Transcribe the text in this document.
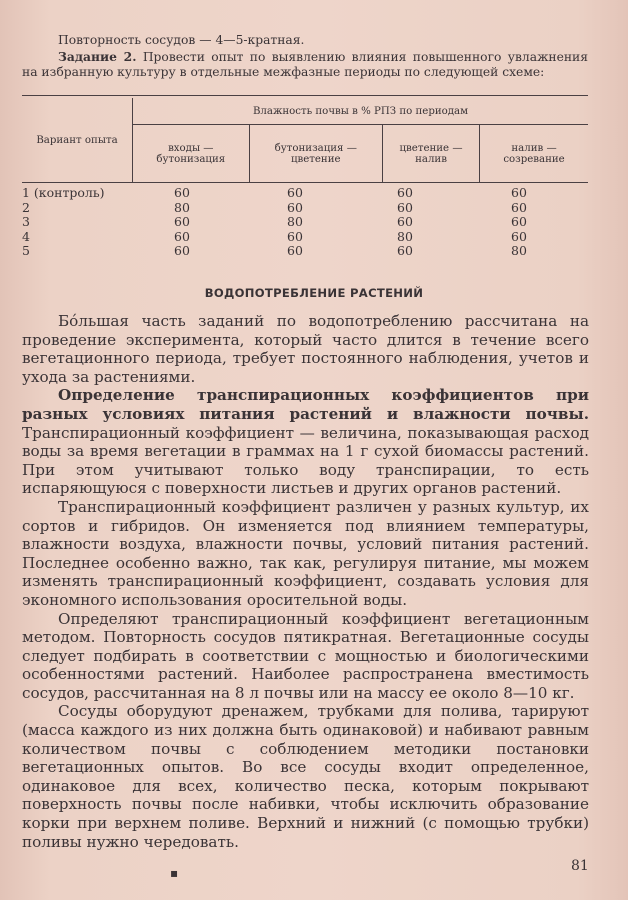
Повторность сосудов — 4—5-кратная.

Задание 2. Провести опыт по выявлению влияния повышенного увлажнения на избранную культуру в отдельные межфазные периоды по следующей схеме:

Вариант опыта	Влажность почвы в % РПЗ по периодам			
	входы — бутонизация	бутонизация — цветение	цветение — налив	налив — созревание
1 (контроль)	60	60	60	60
2	80	60	60	60
3	60	80	60	60
4	60	60	80	60
5	60	60	60	80
ВОДОПОТРЕБЛЕНИЕ РАСТЕНИЙ

Бо́льшая часть заданий по водопотреблению рассчитана на проведение эксперимента, который часто длится в течение всего вегетационного периода, требует постоянного наблюдения, учетов и ухода за растениями.

Определение транспирационных коэффициентов при разных условиях питания растений и влажности почвы. Транспирационный коэффициент — величина, показывающая расход воды за время вегетации в граммах на 1 г сухой биомассы растений. При этом учитывают только воду транспирации, то есть испаряющуюся с поверхности листьев и других органов растений.

Транспирационный коэффициент различен у разных культур, их сортов и гибридов. Он изменяется под влиянием температуры, влажности воздуха, влажности почвы, условий питания растений. Последнее особенно важно, так как, регулируя питание, мы можем изменять транспирационный коэффициент, создавать условия для экономного использования оросительной воды.

Определяют транспирационный коэффициент вегетационным методом. Повторность сосудов пятикратная. Вегетационные сосуды следует подбирать в соответствии с мощностью и биологическими особенностями растений. Наиболее распространена вместимость сосудов, рассчитанная на 8 л почвы или на массу ее около 8—10 кг.

Сосуды оборудуют дренажем, трубками для полива, тарируют (масса каждого из них должна быть одинаковой) и набивают равным количеством почвы с соблюдением методики постановки вегетационных опытов. Во все сосуды входит определенное, одинаковое для всех, количество песка, которым покрывают поверхность почвы после набивки, чтобы исключить образование корки при верхнем поливе. Верхний и нижний (с помощью трубки) поливы нужно чередовать.

▪	81
